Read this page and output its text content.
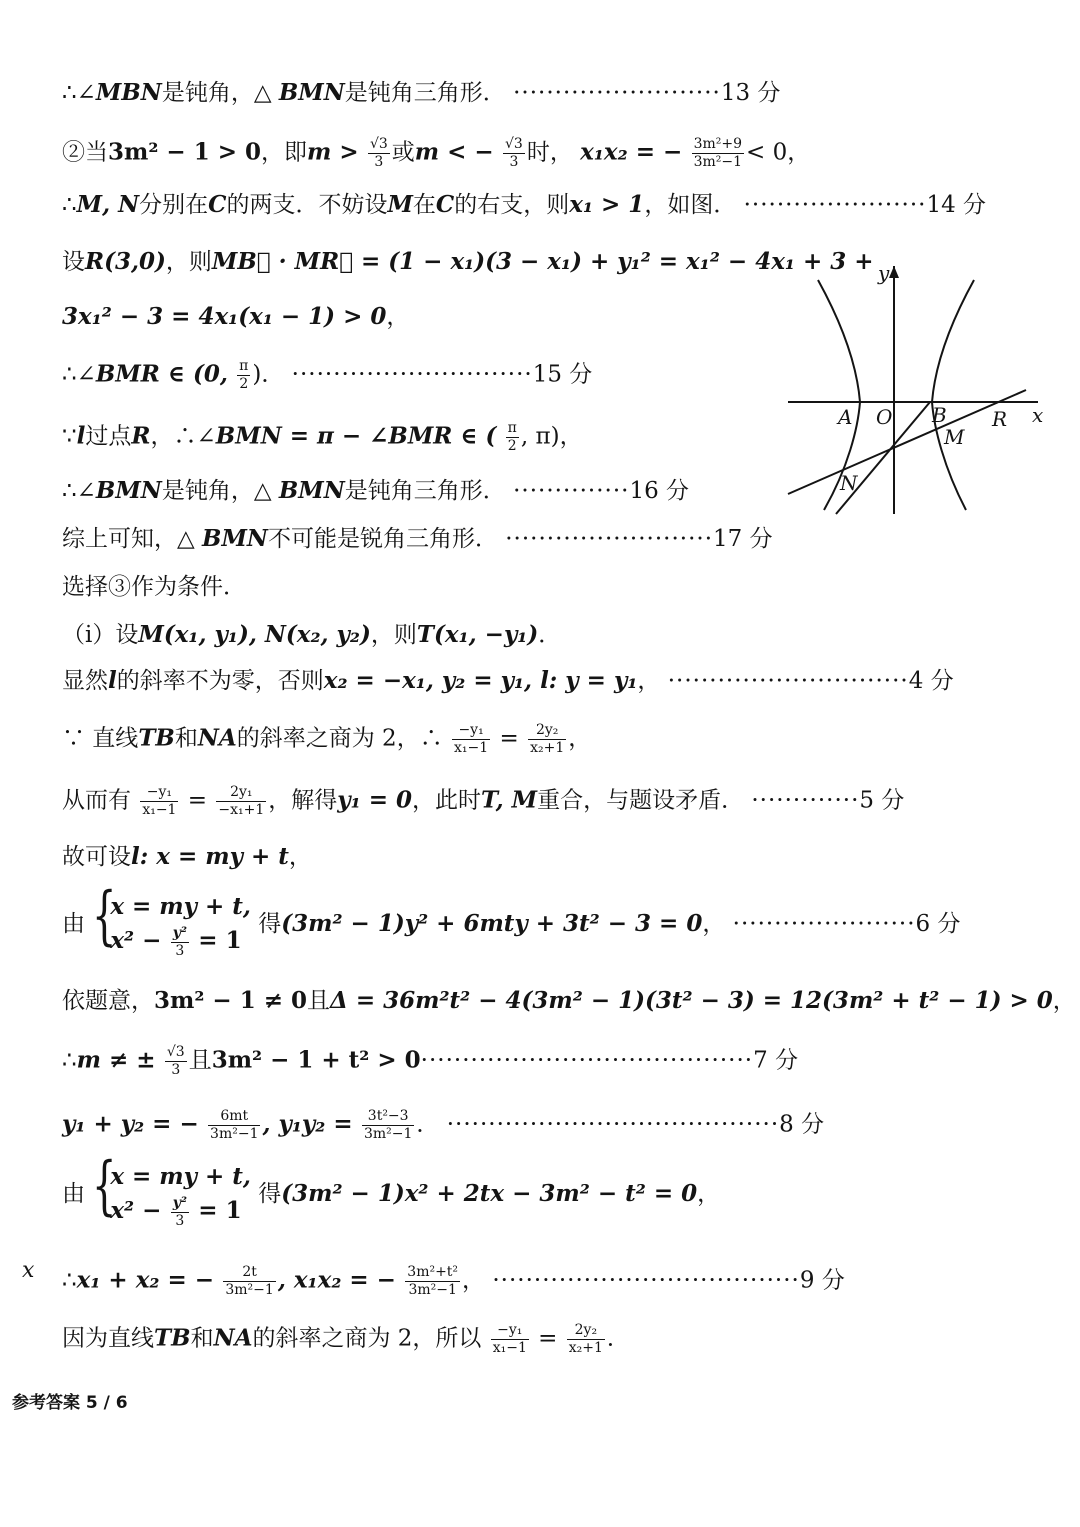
∴∠MBN是钝角，△ BMN是钝角三角形． ·························13 分
②当3m² − 1 > 0，即$m > \frac{√3}{3}$ 或m < − $\frac{√3}{3}$ 时， x₁x₂ = − $\frac{\text{3m²+9}}{\text{3m²−1}} < 0$，
∴M, N分别在C的两支．不妨设M在C的右支，则x₁ > 1，如图． ······················14 分
设R(3,0)，则MB⃗ · MR⃗ = (1 − x₁)(3 − x₁) + y₁² = x₁² − 4x₁ + 3 +
3x₁² − 3 = 4x₁(x₁ − 1) > 0，
∴∠BMR ∈ (0, $\frac{\pi}{2}$ )． ·····························15 分
∵l过点R，∴∠BMN = π − ∠BMR ∈ ( $\frac{\pi}{2}$ , π)，
∴∠BMN是钝角，△ BMN是钝角三角形． ··············16 分
综上可知，△ BMN不可能是锐角三角形． ·························17 分
选择③作为条件．
（i）设M(x₁, y₁), N(x₂, y₂)，则T(x₁, −y₁)．
显然l的斜率不为零，否则x₂ = −x₁, y₂ = y₁, l: y = y₁， ·····························4 分
∵ 直线TB和NA的斜率之商为 2，∴ $\frac{\text{−y₁}}{\text{x₁−1}} = \frac{\text{2y₂}}{\text{x₂+1}}$ ，
从而有 $\frac{\text{−y₁}}{\text{x₁−1}} = \frac{\text{2y₁}}{\text{−x₁+1}}$ ，解得y₁ = 0，此时T, M重合，与题设矛盾． ·············5 分
故可设l: x = my + t，
由 {
x = my + t,
$x^2 - \frac{\text{y²}}{3} = 1$
得(3m² − 1)y² + 6mty + 3t² − 3 = 0， ······················6 分
依题意，3m² − 1 ≠ 0且Δ = 36m²t² − 4(3m² − 1)(3t² − 3) = 12(3m² + t² − 1) > 0，
∴m ≠ ± $\frac{√3}{3}$ 且3m² − 1 + t² > 0········································7 分
y₁ + y₂ = − $\frac{6mt}{\text{3m²−1}}$ , $y_1y_2 = \frac{\text{3t²−3}}{\text{3m²−1}}$ ． ········································8 分
由 {
x = my + t,
$x^2 - \frac{\text{y²}}{3} = 1$
得(3m² − 1)x² + 2tx − 3m² − t² = 0，
x ∴x₁ + x₂ = − $\frac{2t}{\text{3m²−1}}$ , x₁x₂ = − $\frac{\text{3m²+t²}}{\text{3m²−1}}$ ， ·····································9 分
因为直线TB和NA的斜率之商为 2，所以 $\frac{\text{−y₁}}{\text{x₁−1}} = \frac{\text{2y₂}}{\text{x₂+1}}$ ．
参考答案 5 / 6
y
x
A O B R
M
N
